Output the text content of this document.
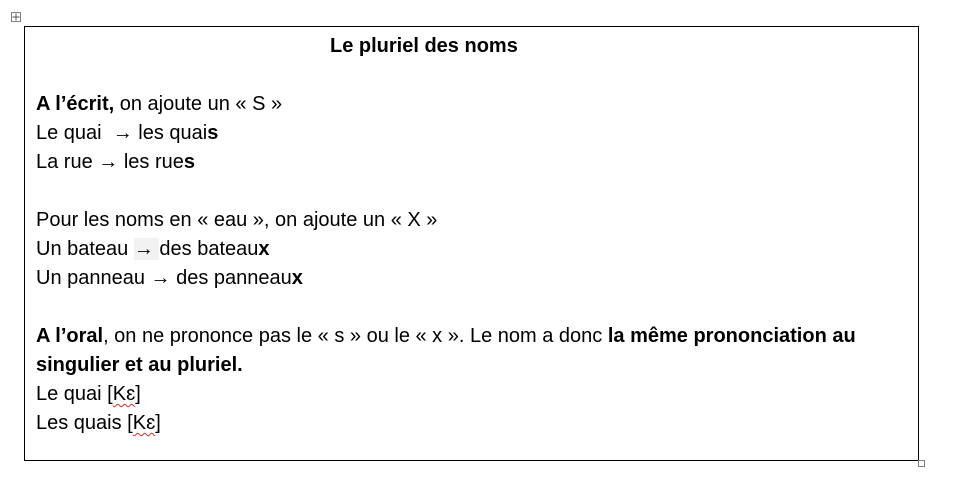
Le pluriel des noms
A l’écrit, on ajoute un « S »
Le quai  → les quais
La rue → les rues
Pour les noms en « eau », on ajoute un « X »
Un bateau → des bateaux
Un panneau → des panneaux
A l’oral, on ne prononce pas le « s » ou le « x ». Le nom a donc la même prononciation au singulier et au pluriel.
Le quai [Kɛ]
Les quais [Kɛ]
